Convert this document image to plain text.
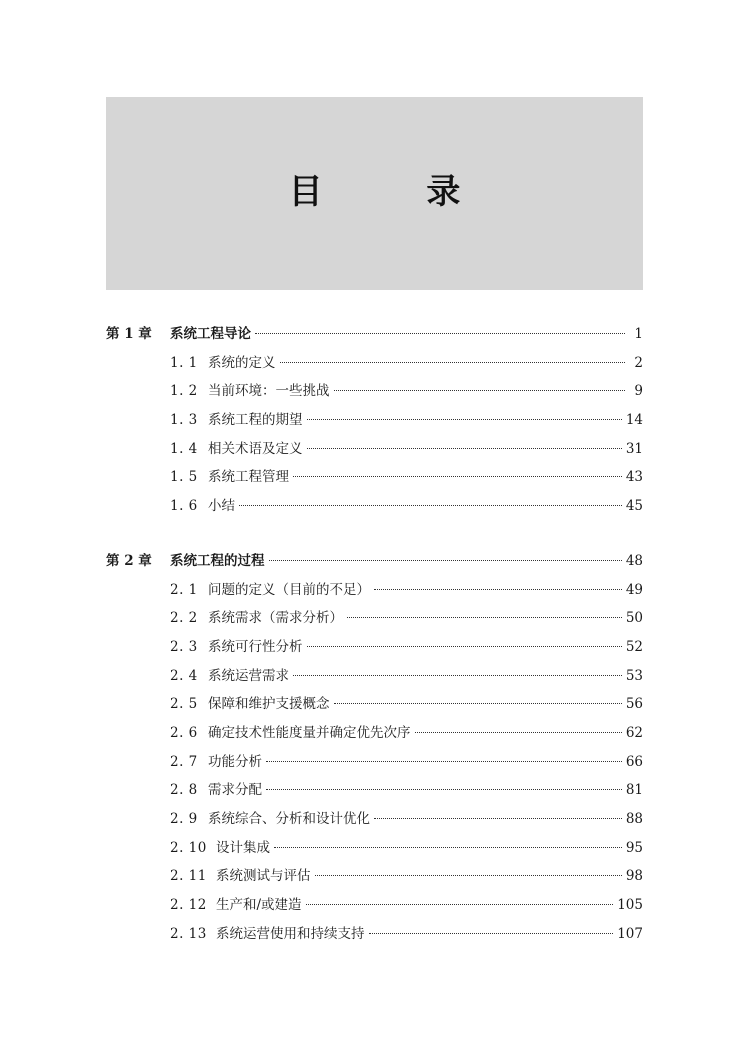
目 录
第 1 章	系统工程导论	1
1. 1 系统的定义	2
1. 2 当前环境：一些挑战	9
1. 3 系统工程的期望	14
1. 4 相关术语及定义	31
1. 5 系统工程管理	43
1. 6 小结	45
第 2 章	系统工程的过程	48
2. 1 问题的定义（目前的不足）	49
2. 2 系统需求（需求分析）	50
2. 3 系统可行性分析	52
2. 4 系统运营需求	53
2. 5 保障和维护支援概念	56
2. 6 确定技术性能度量并确定优先次序	62
2. 7 功能分析	66
2. 8 需求分配	81
2. 9 系统综合、分析和设计优化	88
2. 10 设计集成	95
2. 11 系统测试与评估	98
2. 12 生产和/或建造	105
2. 13 系统运营使用和持续支持	107
